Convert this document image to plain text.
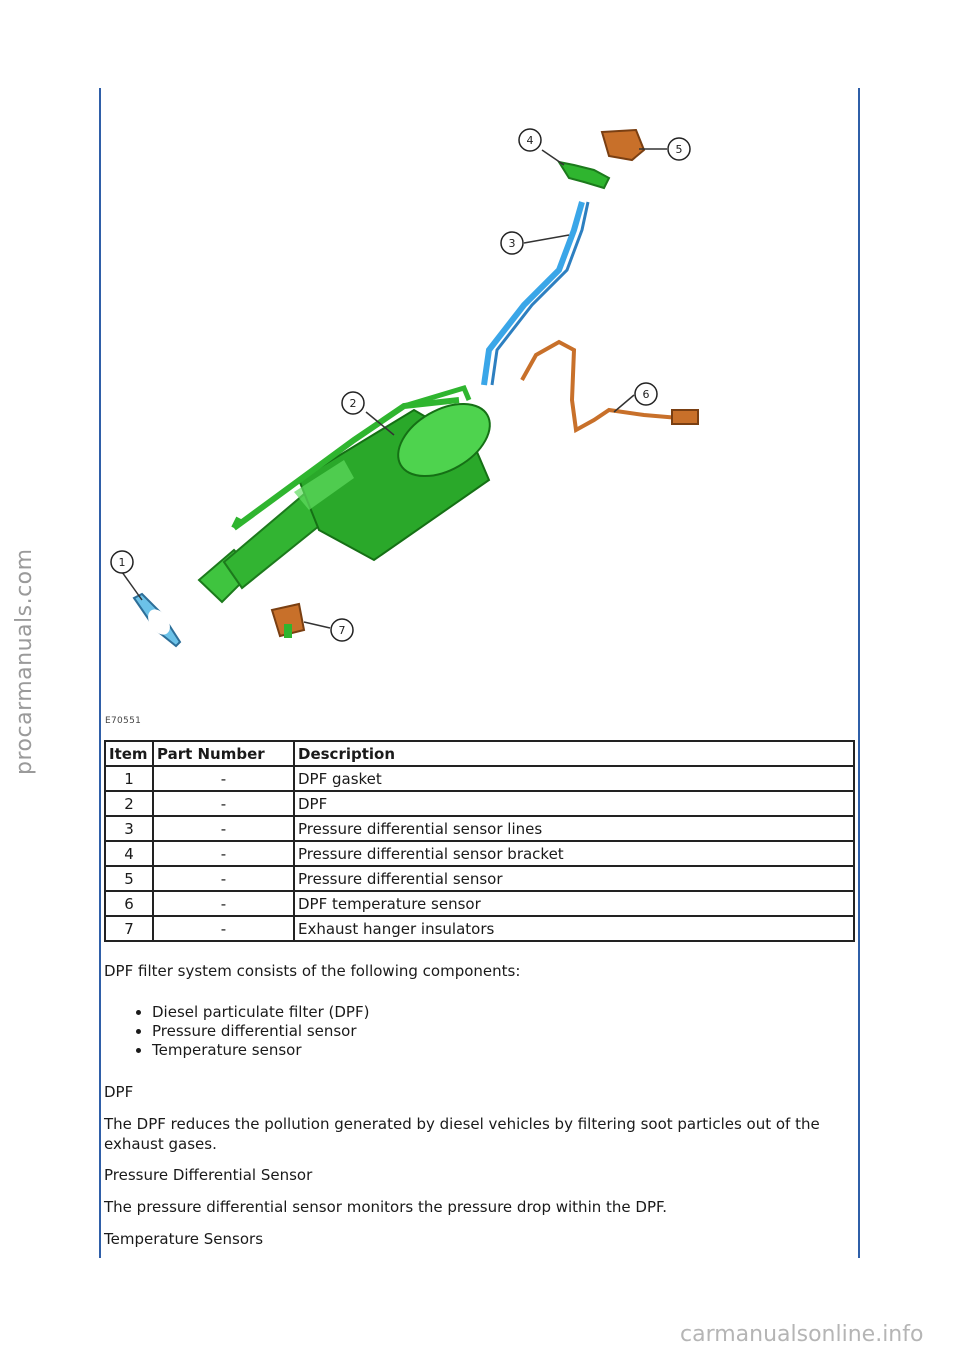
procarmanuals.com	1
2
3
4
5
6
7
E70551
Item	Part Number	Description
1	-	DPF gasket
2	-	DPF
3	-	Pressure differential sensor lines
4	-	Pressure differential sensor bracket
5	-	Pressure differential sensor
6	-	DPF temperature sensor
7	-	Exhaust hanger insulators
DPF filter system consists of the following components:
• Diesel particulate filter (DPF)
• Pressure differential sensor
• Temperature sensor
DPF
The DPF reduces the pollution generated by diesel vehicles by filtering soot particles out of the exhaust gases.
Pressure Differential Sensor
The pressure differential sensor monitors the pressure drop within the DPF.
Temperature Sensors
carmanualsonline.info
